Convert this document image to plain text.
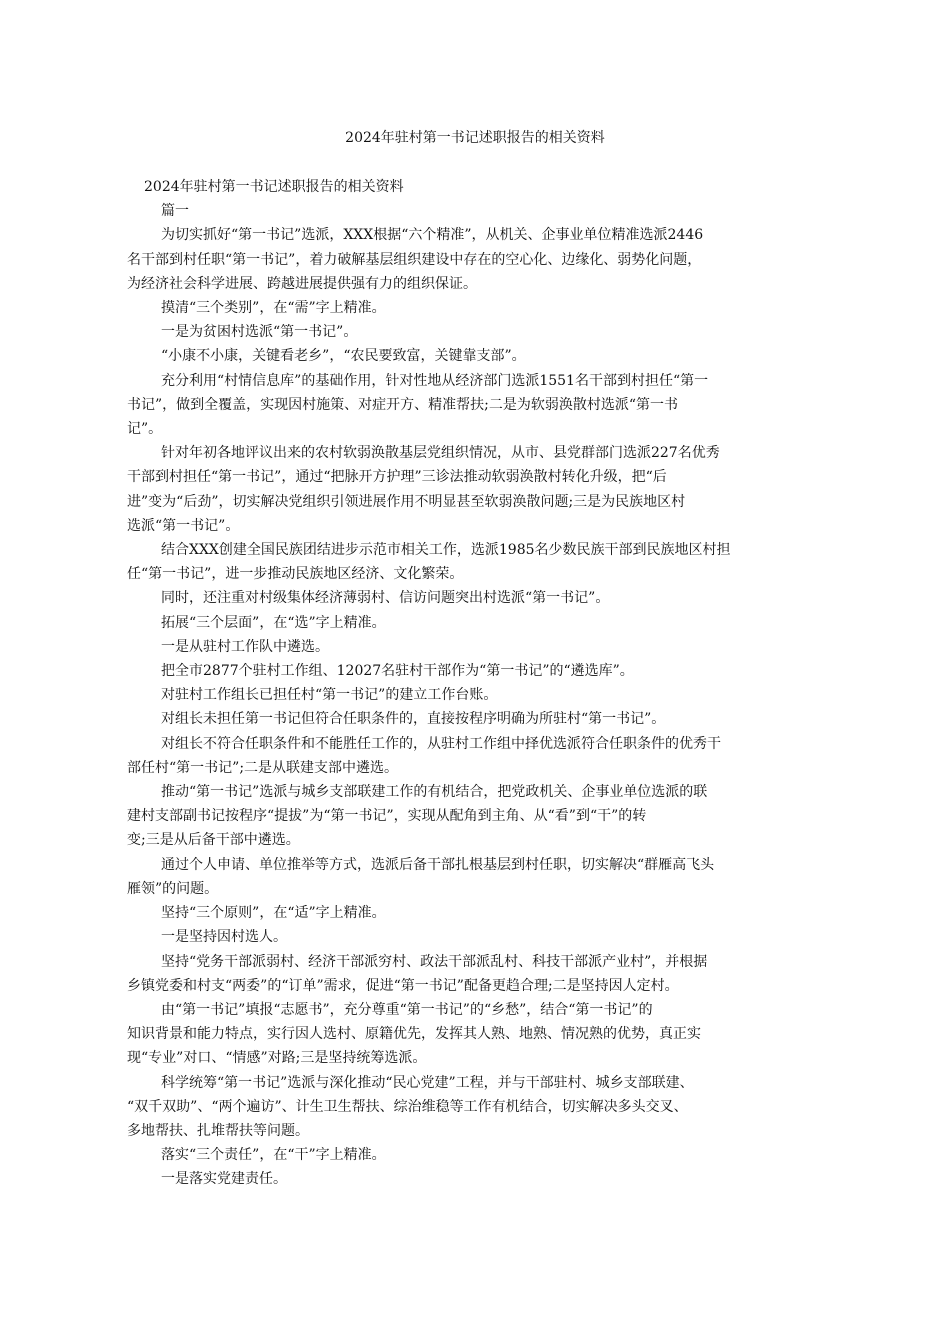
2024年驻村第一书记述职报告的相关资料

2024年驻村第一书记述职报告的相关资料

篇一

为切实抓好“第一书记”选派，XXX根据“六个精准”，从机关、企事业单位精准选派2446
名干部到村任职“第一书记”，着力破解基层组织建设中存在的空心化、边缘化、弱势化问题，
为经济社会科学进展、跨越进展提供强有力的组织保证。

摸清“三个类别”，在“需”字上精准。

一是为贫困村选派“第一书记”。

“小康不小康，关键看老乡”，“农民要致富，关键靠支部”。

充分利用“村情信息库”的基础作用，针对性地从经济部门选派1551名干部到村担任“第一
书记”，做到全覆盖，实现因村施策、对症开方、精准帮扶;二是为软弱涣散村选派“第一书
记”。

针对年初各地评议出来的农村软弱涣散基层党组织情况，从市、县党群部门选派227名优秀
干部到村担任“第一书记”，通过“把脉开方护理”三诊法推动软弱涣散村转化升级，把“后
进”变为“后劲”，切实解决党组织引领进展作用不明显甚至软弱涣散问题;三是为民族地区村
选派“第一书记”。

结合XXX创建全国民族团结进步示范市相关工作，选派1985名少数民族干部到民族地区村担
任“第一书记”，进一步推动民族地区经济、文化繁荣。

同时，还注重对村级集体经济薄弱村、信访问题突出村选派“第一书记”。

拓展“三个层面”，在“选”字上精准。

一是从驻村工作队中遴选。

把全市2877个驻村工作组、12027名驻村干部作为“第一书记”的“遴选库”。

对驻村工作组长已担任村“第一书记”的建立工作台账。

对组长未担任第一书记但符合任职条件的，直接按程序明确为所驻村“第一书记”。

对组长不符合任职条件和不能胜任工作的，从驻村工作组中择优选派符合任职条件的优秀干
部任村“第一书记”;二是从联建支部中遴选。

推动“第一书记”选派与城乡支部联建工作的有机结合，把党政机关、企事业单位选派的联
建村支部副书记按程序“提拔”为“第一书记”，实现从配角到主角、从“看”到“干”的转
变;三是从后备干部中遴选。

通过个人申请、单位推举等方式，选派后备干部扎根基层到村任职，切实解决“群雁高飞头
雁领”的问题。

坚持“三个原则”，在“适”字上精准。

一是坚持因村选人。

坚持“党务干部派弱村、经济干部派穷村、政法干部派乱村、科技干部派产业村”，并根据
乡镇党委和村支“两委”的“订单”需求，促进“第一书记”配备更趋合理;二是坚持因人定村。

由“第一书记”填报“志愿书”，充分尊重“第一书记”的“乡愁”，结合“第一书记”的
知识背景和能力特点，实行因人选村、原籍优先，发挥其人熟、地熟、情况熟的优势，真正实
现“专业”对口、“情感”对路;三是坚持统筹选派。

科学统筹“第一书记”选派与深化推动“民心党建”工程，并与干部驻村、城乡支部联建、
“双千双助”、“两个遍访”、计生卫生帮扶、综治维稳等工作有机结合，切实解决多头交叉、
多地帮扶、扎堆帮扶等问题。

落实“三个责任”，在“干”字上精准。

一是落实党建责任。
